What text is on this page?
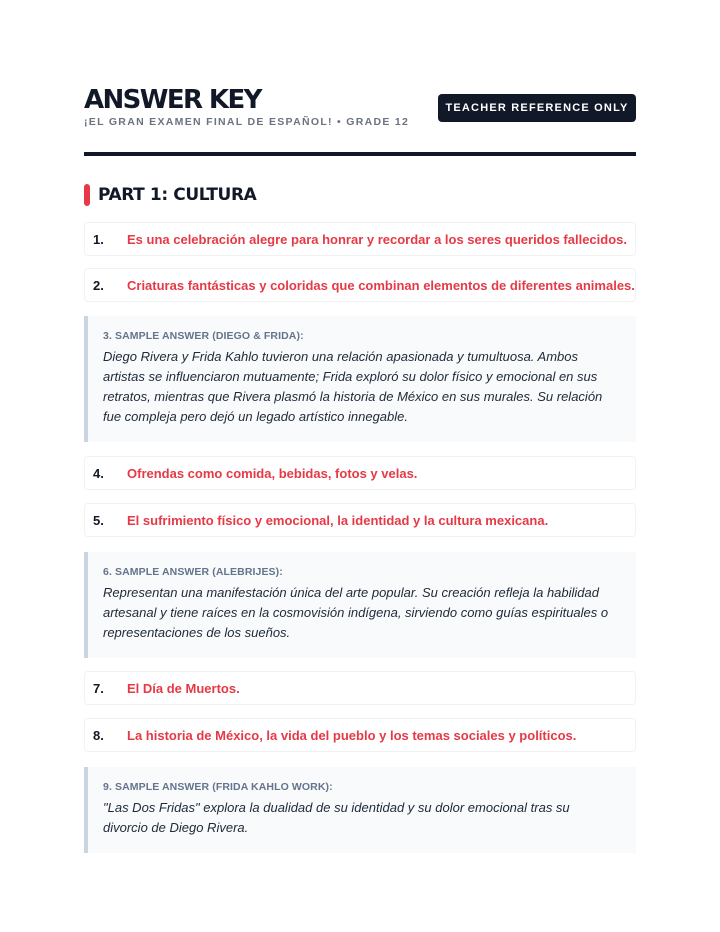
ANSWER KEY
¡EL GRAN EXAMEN FINAL DE ESPAÑOL! • GRADE 12
TEACHER REFERENCE ONLY
PART 1: CULTURA
1.	Es una celebración alegre para honrar y recordar a los seres queridos fallecidos.
2.	Criaturas fantásticas y coloridas que combinan elementos de diferentes animales.
3. SAMPLE ANSWER (DIEGO & FRIDA):
Diego Rivera y Frida Kahlo tuvieron una relación apasionada y tumultuosa. Ambos artistas se influenciaron mutuamente; Frida exploró su dolor físico y emocional en sus retratos, mientras que Rivera plasmó la historia de México en sus murales. Su relación fue compleja pero dejó un legado artístico innegable.
4.	Ofrendas como comida, bebidas, fotos y velas.
5.	El sufrimiento físico y emocional, la identidad y la cultura mexicana.
6. SAMPLE ANSWER (ALEBRIJES):
Representan una manifestación única del arte popular. Su creación refleja la habilidad artesanal y tiene raíces en la cosmovisión indígena, sirviendo como guías espirituales o representaciones de los sueños.
7.	El Día de Muertos.
8.	La historia de México, la vida del pueblo y los temas sociales y políticos.
9. SAMPLE ANSWER (FRIDA KAHLO WORK):
"Las Dos Fridas" explora la dualidad de su identidad y su dolor emocional tras su divorcio de Diego Rivera.
